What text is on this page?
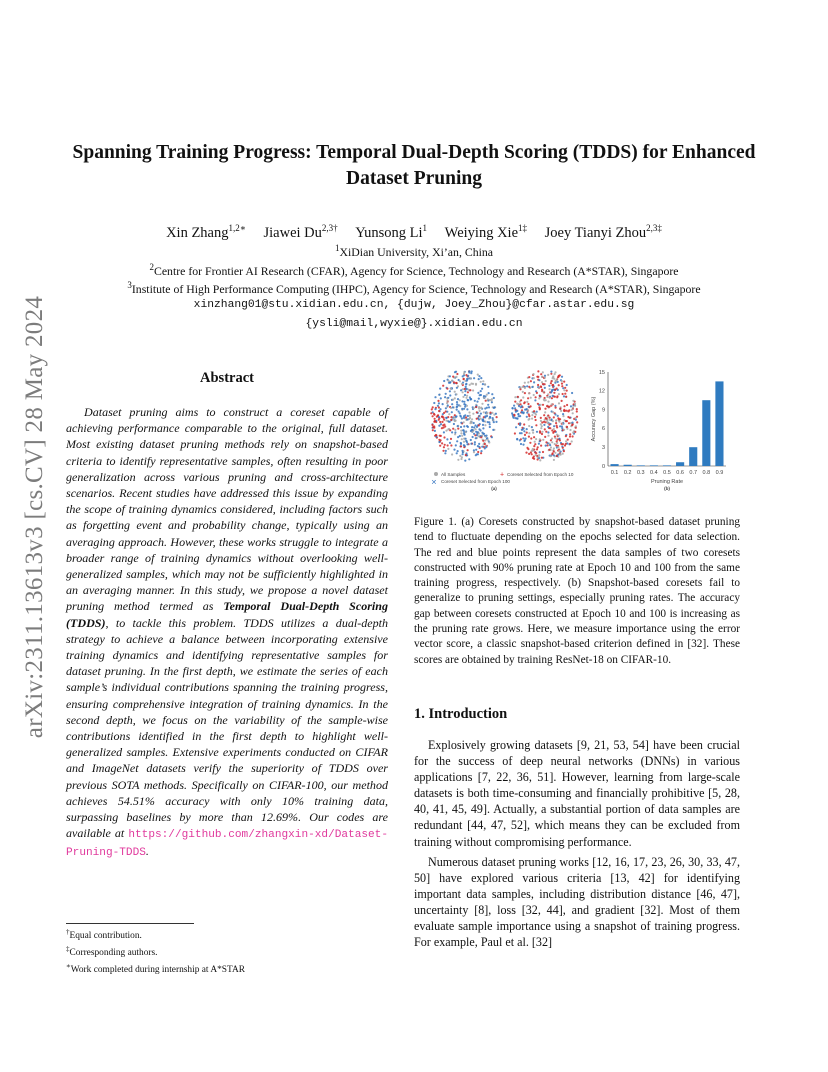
arXiv:2311.13613v3 [cs.CV] 28 May 2024
Spanning Training Progress: Temporal Dual-Depth Scoring (TDDS) for Enhanced Dataset Pruning
Xin Zhang$^{1,2∗}$ Jiawei $Du^{2,3\dagger}$ Yunsong Li$^1$ Weiying Xie$^{1\ddagger}$ Joey Tianyi Zhou$^{2,3\ddagger}$
$^1$XiDian University, Xi’an, China
$^2$Centre for Frontier AI Research (CFAR), Agency for Science, Technology and Research (A*STAR), Singapore
$^3$Institute of High Performance Computing (IHPC), Agency for Science, Technology and Research (A*STAR), Singapore
xinzhang01@stu.xidian.edu.cn, {dujw, Joey_Zhou}@cfar.astar.edu.sg
{ysli@mail,wyxie@}.xidian.edu.cn
Abstract
Dataset pruning aims to construct a coreset capable of achieving performance comparable to the original, full dataset. Most existing dataset pruning methods rely on snapshot-based criteria to identify representative samples, often resulting in poor generalization across various pruning and cross-architecture scenarios. Recent studies have addressed this issue by expanding the scope of training dynamics considered, including factors such as forgetting event and probability change, typically using an averaging approach. However, these works struggle to integrate a broader range of training dynamics without overlooking well-generalized samples, which may not be sufficiently highlighted in an averaging manner. In this study, we propose a novel dataset pruning method termed as Temporal Dual-Depth Scoring (TDDS), to tackle this problem. TDDS utilizes a dual-depth strategy to achieve a balance between incorporating extensive training dynamics and identifying representative samples for dataset pruning. In the first depth, we estimate the series of each sample’s individual contributions spanning the training progress, ensuring comprehensive integration of training dynamics. In the second depth, we focus on the variability of the sample-wise contributions identified in the first depth to highlight well-generalized samples. Extensive experiments conducted on CIFAR and ImageNet datasets verify the superiority of TDDS over previous SOTA methods. Specifically on CIFAR-100, our method achieves 54.51% accuracy with only 10% training data, surpassing baselines by more than 12.69%. Our codes are available at https://github.com/zhangxin-xd/Dataset-Pruning-TDDS.
†Equal contribution.
‡Corresponding authors.
∗Work completed during internship at A*STAR
All Samples
✕ Coreset Selected from Epoch 100
+ Coreset Selected from Epoch 10
(a)
0
3
6
9
12
15
0.1 0.2 0.3 0.4 0.5 0.6 0.7 0.8 0.9
Pruning Rate
Accuracy Gap (%)
(b)
Figure 1. (a) Coresets constructed by snapshot-based dataset pruning tend to fluctuate depending on the epochs selected for data selection. The red and blue points represent the data samples of two coresets constructed with 90% pruning rate at Epoch 10 and 100 from the same training progress, respectively. (b) Snapshot-based coresets fail to generalize to pruning settings, especially pruning rates. The accuracy gap between coresets constructed at Epoch 10 and 100 is increasing as the pruning rate grows. Here, we measure importance using the error vector score, a classic snapshot-based criterion defined in [32]. These scores are obtained by training ResNet-18 on CIFAR-10.
1. Introduction

Explosively growing datasets [9, 21, 53, 54] have been crucial for the success of deep neural networks (DNNs) in various applications [7, 22, 36, 51]. However, learning from large-scale datasets is both time-consuming and financially prohibitive [5, 28, 40, 41, 45, 49]. Actually, a substantial portion of data samples are redundant [44, 47, 52], which means they can be excluded from training without compromising performance.

Numerous dataset pruning works [12, 16, 17, 23, 26, 30, 33, 47, 50] have explored various criteria [13, 42] for identifying important data samples, including distribution distance [46, 47], uncertainty [8], loss [32, 44], and gradient [32]. Most of them evaluate sample importance using a snapshot of training progress. For example, Paul et al. [32]
